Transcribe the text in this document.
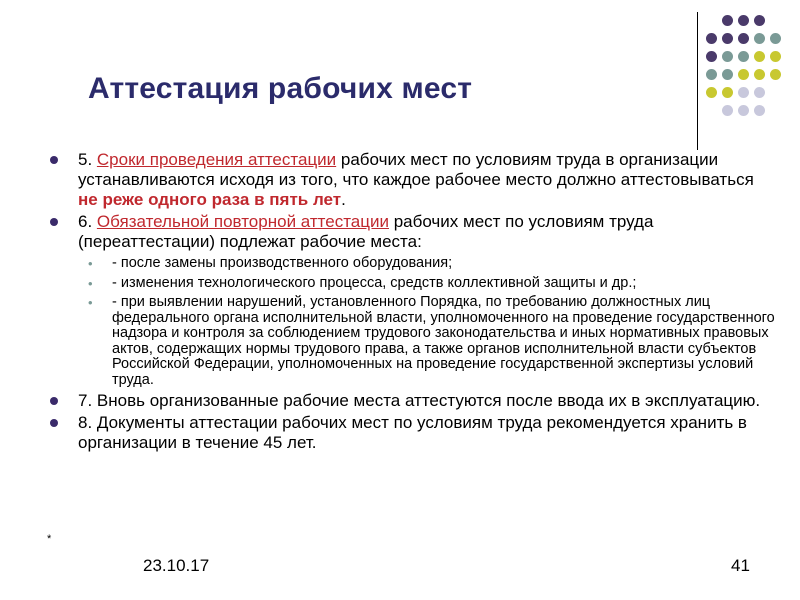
Аттестация рабочих мест
5. Сроки проведения аттестации рабочих мест по условиям труда в организации устанавливаются исходя из того, что каждое рабочее место должно аттестовываться не реже одного раза в пять лет.
6. Обязательной повторной аттестации рабочих мест по условиям труда (переаттестации) подлежат рабочие места:
• - после замены производственного оборудования;
• - изменения технологического процесса, средств коллективной защиты и др.;
• - при выявлении нарушений, установленного Порядка, по требованию должностных лиц федерального органа исполнительной власти, уполномоченного на проведение государственного надзора и контроля за соблюдением трудового законодательства и иных нормативных правовых актов, содержащих нормы трудового права, а также органов исполнительной власти субъектов Российской Федерации, уполномоченных на проведение государственной экспертизы условий труда.
7. Вновь организованные рабочие места аттестуются после ввода их в эксплуатацию.
8. Документы аттестации рабочих мест по условиям труда рекомендуется хранить в организации в течение 45 лет.
*
23.10.17	41
